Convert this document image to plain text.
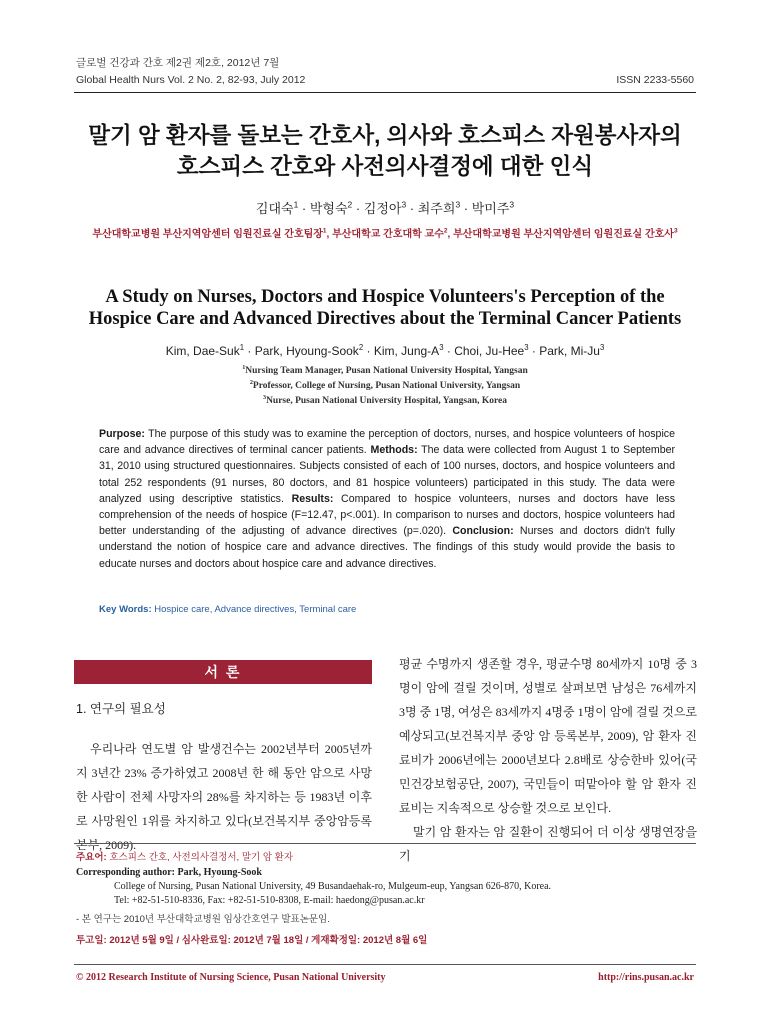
글로벌 건강과 간호 제2권 제2호, 2012년 7월
Global Health Nurs Vol. 2 No. 2, 82-93, July 2012	ISSN 2233-5560
말기 암 환자를 돌보는 간호사, 의사와 호스피스 자원봉사자의
호스피스 간호와 사전의사결정에 대한 인식
김대숙$^1$ · 박형숙$^2$ · 김정아$^3$ · 최주희$^3$ · 박미주$^3$
부산대학교병원 부산지역암센터 임원진료실 간호팀장$^1$, 부산대학교 간호대학 교수$^2$, 부산대학교병원 부산지역암센터 임원진료실 간호사$^3$
A Study on Nurses, Doctors and Hospice Volunteers's Perception of the
Hospice Care and Advanced Directives about the Terminal Cancer Patients
Kim, Dae-Suk$^1$ · Park, Hyoung-Sook$^2$ · Kim, Jung-$A^3$ · Choi, Ju-Hee$^3$ · Park, Mi-Ju$^3$
$^1$Nursing Team Manager, Pusan National University Hospital, Yangsan
$^2$Professor, College of Nursing, Pusan National University, Yangsan
$^3$Nurse, Pusan National University Hospital, Yangsan, Korea
Purpose: The purpose of this study was to examine the perception of doctors, nurses, and hospice volunteers of hospice care and advance directives of terminal cancer patients. Methods: The data were collected from August 1 to September 31, 2010 using structured questionnaires. Subjects consisted of each of 100 nurses, doctors, and hospice volunteers and total 252 respondents (91 nurses, 80 doctors, and 81 hospice volunteers) participated in this study. The data were analyzed using descriptive statistics. Results: Compared to hospice volunteers, nurses and doctors have less comprehension of the needs of hospice (F=12.47, p<.001). In comparison to nurses and doctors, hospice volunteers had better understanding of the adjusting of advance directives (p=.020). Conclusion: Nurses and doctors didn't fully understand the notion of hospice care and advance directives. The findings of this study would provide the basis to educate nurses and doctors about hospice care and advance directives.
Key Words: Hospice care, Advance directives, Terminal care
서 론
1. 연구의 필요성

우리나라 연도별 암 발생건수는 2002년부터 2005년까지 3년간 23% 증가하였고 2008년 한 해 동안 암으로 사망한 사람이 전체 사망자의 28%를 차지하는 등 1983년 이후로 사망원인 1위를 차지하고 있다(보건복지부 중앙암등록본부, 2009).

평균 수명까지 생존할 경우, 평균수명 80세까지 10명 중 3명이 암에 걸릴 것이며, 성별로 살펴보면 남성은 76세까지 3명 중 1명, 여성은 83세까지 4명중 1명이 암에 걸릴 것으로 예상되고(보건복지부 중앙 암 등록본부, 2009), 암 환자 진료비가 2006년에는 2000년보다 2.8배로 상승한바 있어(국민건강보험공단, 2007), 국민들이 떠맡아야 할 암 환자 진료비는 지속적으로 상승할 것으로 보인다.

말기 암 환자는 암 질환이 진행되어 더 이상 생명연장을 기

주요어: 호스피스 간호, 사전의사결정서, 말기 암 환자
Corresponding author: Park, Hyoung-Sook
College of Nursing, Pusan National University, 49 Busandaehak-ro, Mulgeum-eup, Yangsan 626-870, Korea.
Tel: +82-51-510-8336, Fax: +82-51-510-8308, E-mail: haedong@pusan.ac.kr
- 본 연구는 2010년 부산대학교병원 임상간호연구 발표논문임.
투고일: 2012년 5월 9일 / 심사완료일: 2012년 7월 18일 / 게재확정일: 2012년 8월 6일
© 2012 Research Institute of Nursing Science, Pusan National University	http://rins.pusan.ac.kr
